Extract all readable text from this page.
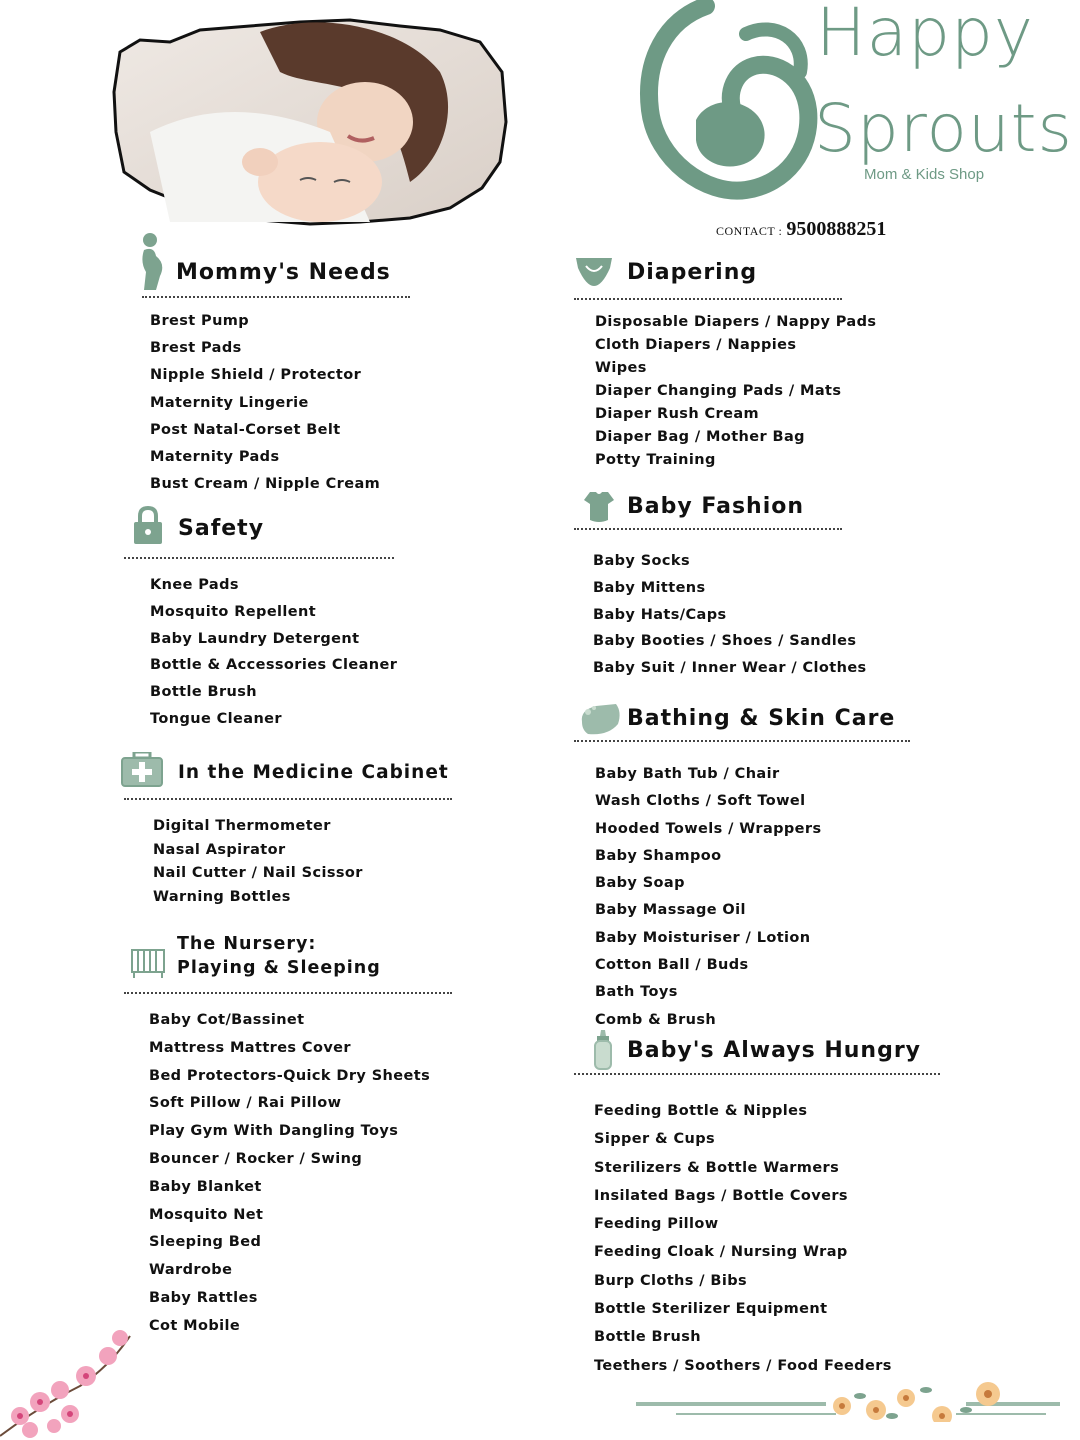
Happy
Sprouts
Mom & Kids Shop
CONTACT : 9500888251
Mommy's Needs
Brest Pump
Brest Pads
Nipple Shield / Protector
Maternity Lingerie
Post Natal-Corset Belt
Maternity Pads
Bust Cream / Nipple Cream
Safety
Knee Pads
Mosquito Repellent
Baby Laundry Detergent
Bottle & Accessories Cleaner
Bottle Brush
Tongue Cleaner
In the Medicine Cabinet
Digital Thermometer
Nasal Aspirator
Nail Cutter / Nail Scissor
Warning Bottles
The Nursery:
Playing & Sleeping
Baby Cot/Bassinet
Mattress Mattres Cover
Bed Protectors-Quick Dry Sheets
Soft Pillow / Rai Pillow
Play Gym With Dangling Toys
Bouncer / Rocker / Swing
Baby Blanket
Mosquito Net
Sleeping Bed
Wardrobe
Baby Rattles
Cot Mobile
Diapering
Disposable Diapers / Nappy Pads
Cloth Diapers / Nappies
Wipes
Diaper Changing Pads / Mats
Diaper Rush Cream
Diaper Bag / Mother Bag
Potty Training
Baby Fashion
Baby Socks
Baby Mittens
Baby Hats/Caps
Baby Booties / Shoes / Sandles
Baby Suit / Inner Wear / Clothes
Bathing & Skin Care
Baby Bath Tub / Chair
Wash Cloths / Soft Towel
Hooded Towels / Wrappers
Baby Shampoo
Baby Soap
Baby Massage Oil
Baby Moisturiser / Lotion
Cotton Ball / Buds
Bath Toys
Comb & Brush
Baby's Always Hungry
Feeding Bottle & Nipples
Sipper & Cups
Sterilizers & Bottle Warmers
Insilated Bags / Bottle Covers
Feeding Pillow
Feeding Cloak / Nursing Wrap
Burp Cloths / Bibs
Bottle Sterilizer Equipment
Bottle Brush
Teethers / Soothers / Food Feeders
